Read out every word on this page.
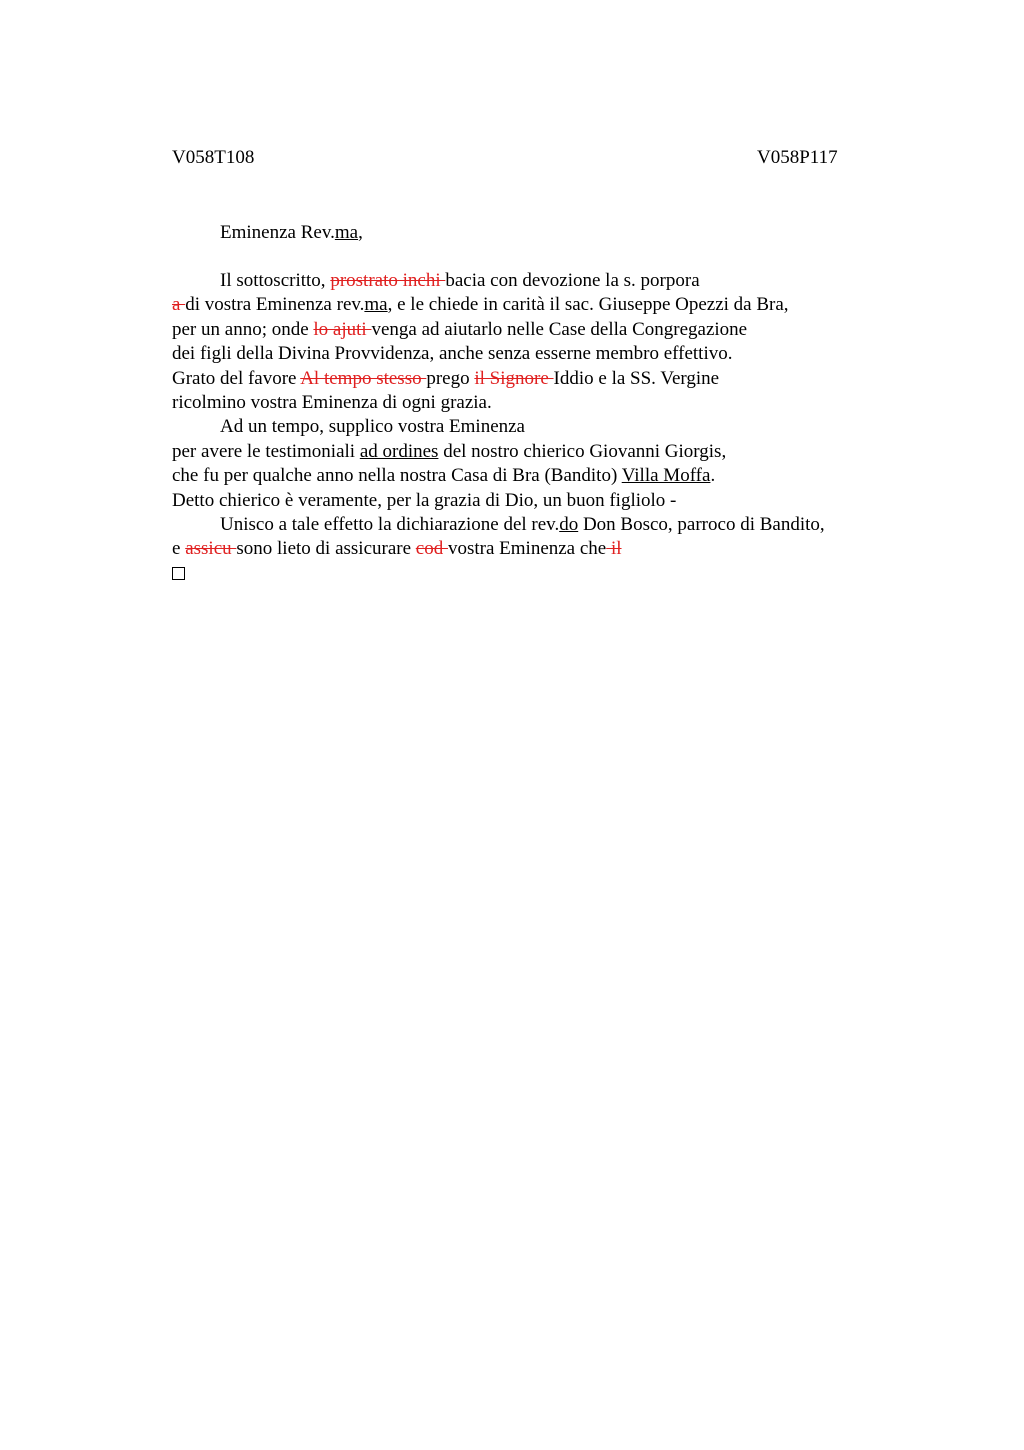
V058T108	V058P117
Eminenza Rev.ma,
Il sottoscritto, prostrato inchi bacia con devozione la s. porpora
a di vostra Eminenza rev.ma, e le chiede in carità il sac. Giuseppe Opezzi da Bra,
per un anno; onde lo ajuti venga ad aiutarlo nelle Case della Congregazione
dei figli della Divina Provvidenza, anche senza esserne membro effettivo.
Grato del favore Al tempo stesso prego il Signore Iddio e la SS. Vergine
ricolmino vostra Eminenza di ogni grazia.
Ad un tempo, supplico vostra Eminenza
per avere le testimoniali ad ordines del nostro chierico Giovanni Giorgis,
che fu per qualche anno nella nostra Casa di Bra (Bandito) Villa Moffa.
Detto chierico è veramente, per la grazia di Dio, un buon figliolo -
Unisco a tale effetto la dichiarazione del rev.do Don Bosco, parroco di Bandito,
e assicu sono lieto di assicurare cod vostra Eminenza che il
